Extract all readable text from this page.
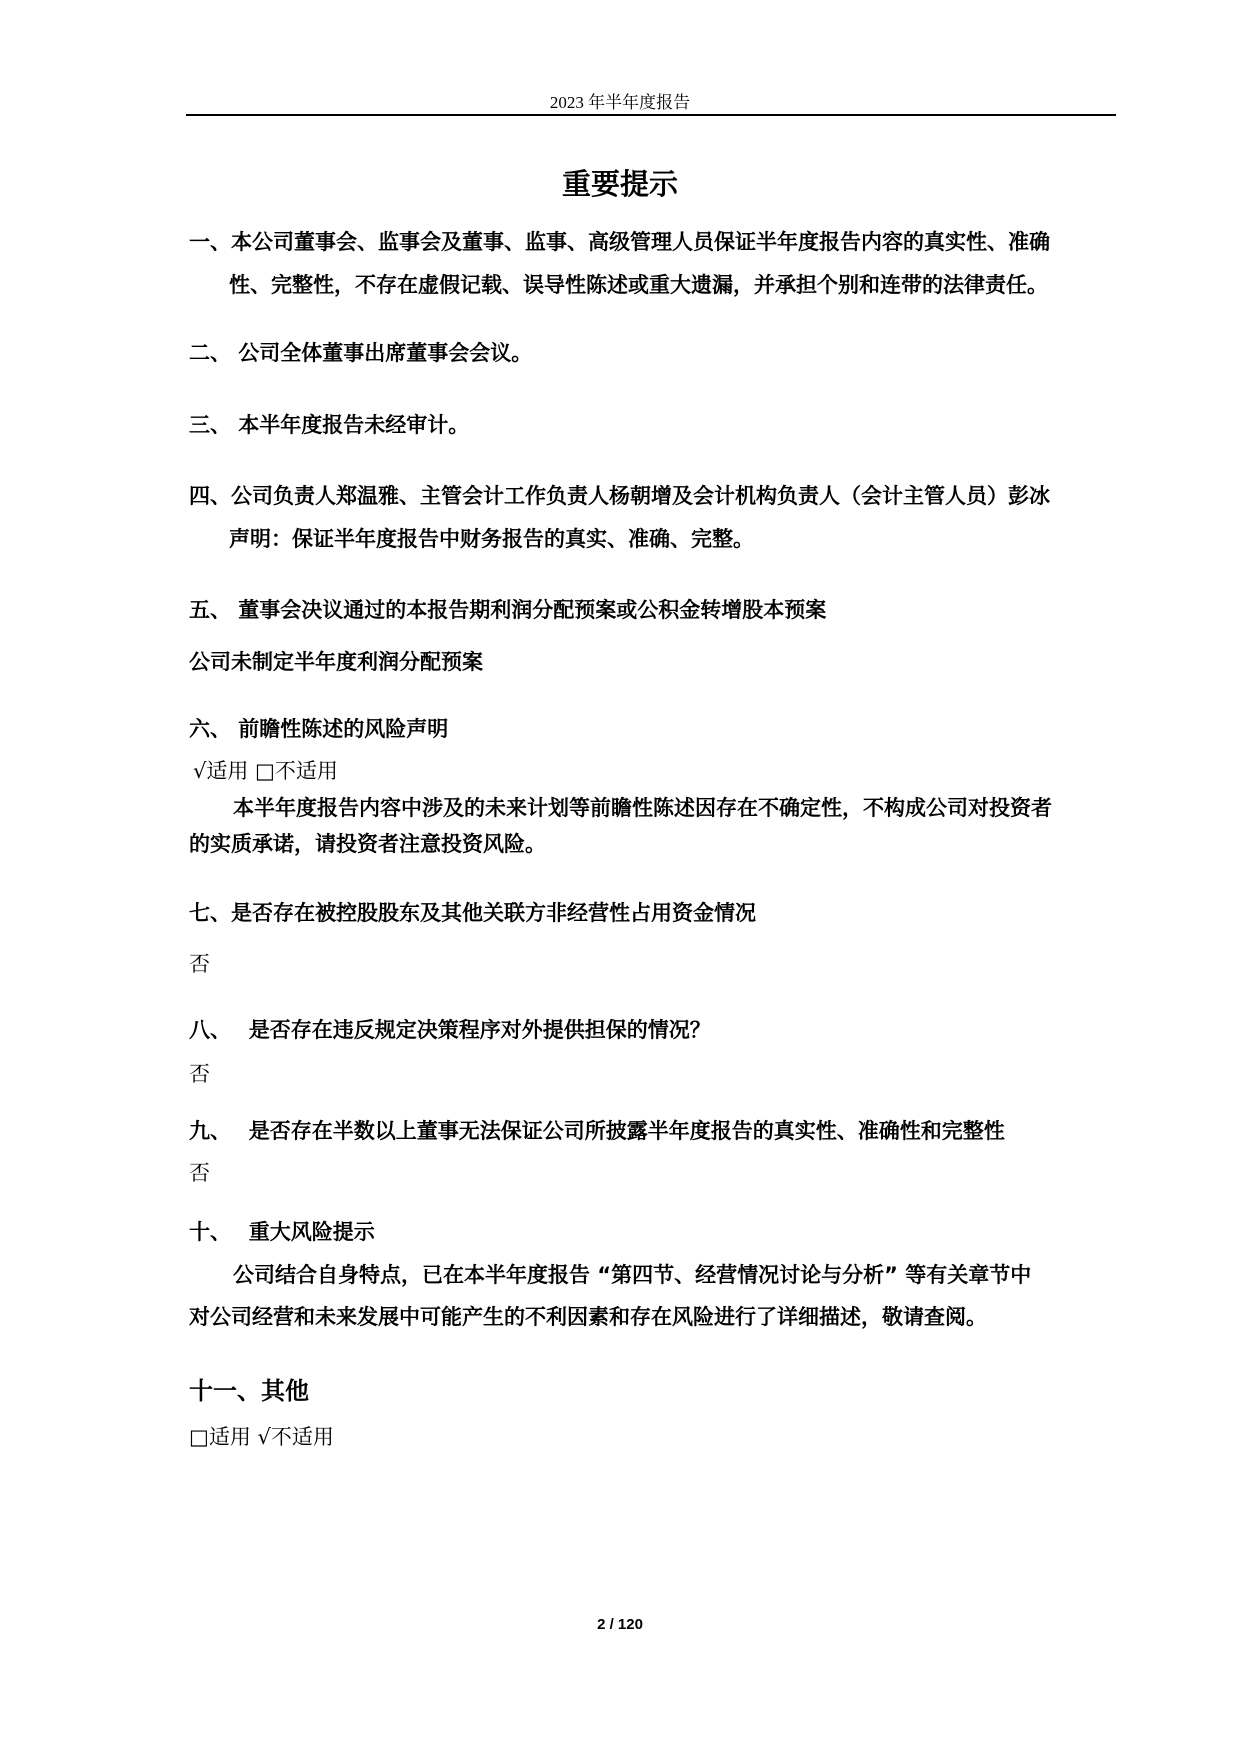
2023 年半年度报告
重要提示
一、本公司董事会、监事会及董事、监事、高级管理人员保证半年度报告内容的真实性、准确
性、完整性，不存在虚假记载、误导性陈述或重大遗漏，并承担个别和连带的法律责任。
二、 公司全体董事出席董事会会议。
三、 本半年度报告未经审计。
四、公司负责人郑温雅、主管会计工作负责人杨朝增及会计机构负责人（会计主管人员）彭冰
声明：保证半年度报告中财务报告的真实、准确、完整。
五、 董事会决议通过的本报告期利润分配预案或公积金转增股本预案
公司未制定半年度利润分配预案
六、 前瞻性陈述的风险声明
√适用 □不适用
本半年度报告内容中涉及的未来计划等前瞻性陈述因存在不确定性，不构成公司对投资者
的实质承诺，请投资者注意投资风险。
七、是否存在被控股股东及其他关联方非经营性占用资金情况
否
八、　 是否存在违反规定决策程序对外提供担保的情况？
否
九、　 是否存在半数以上董事无法保证公司所披露半年度报告的真实性、准确性和完整性
否
十、　 重大风险提示
公司结合自身特点，已在本半年度报告 “第四节、经营情况讨论与分析” 等有关章节中
对公司经营和未来发展中可能产生的不利因素和存在风险进行了详细描述，敬请查阅。
十一、其他
□适用 √不适用
2 / 120
